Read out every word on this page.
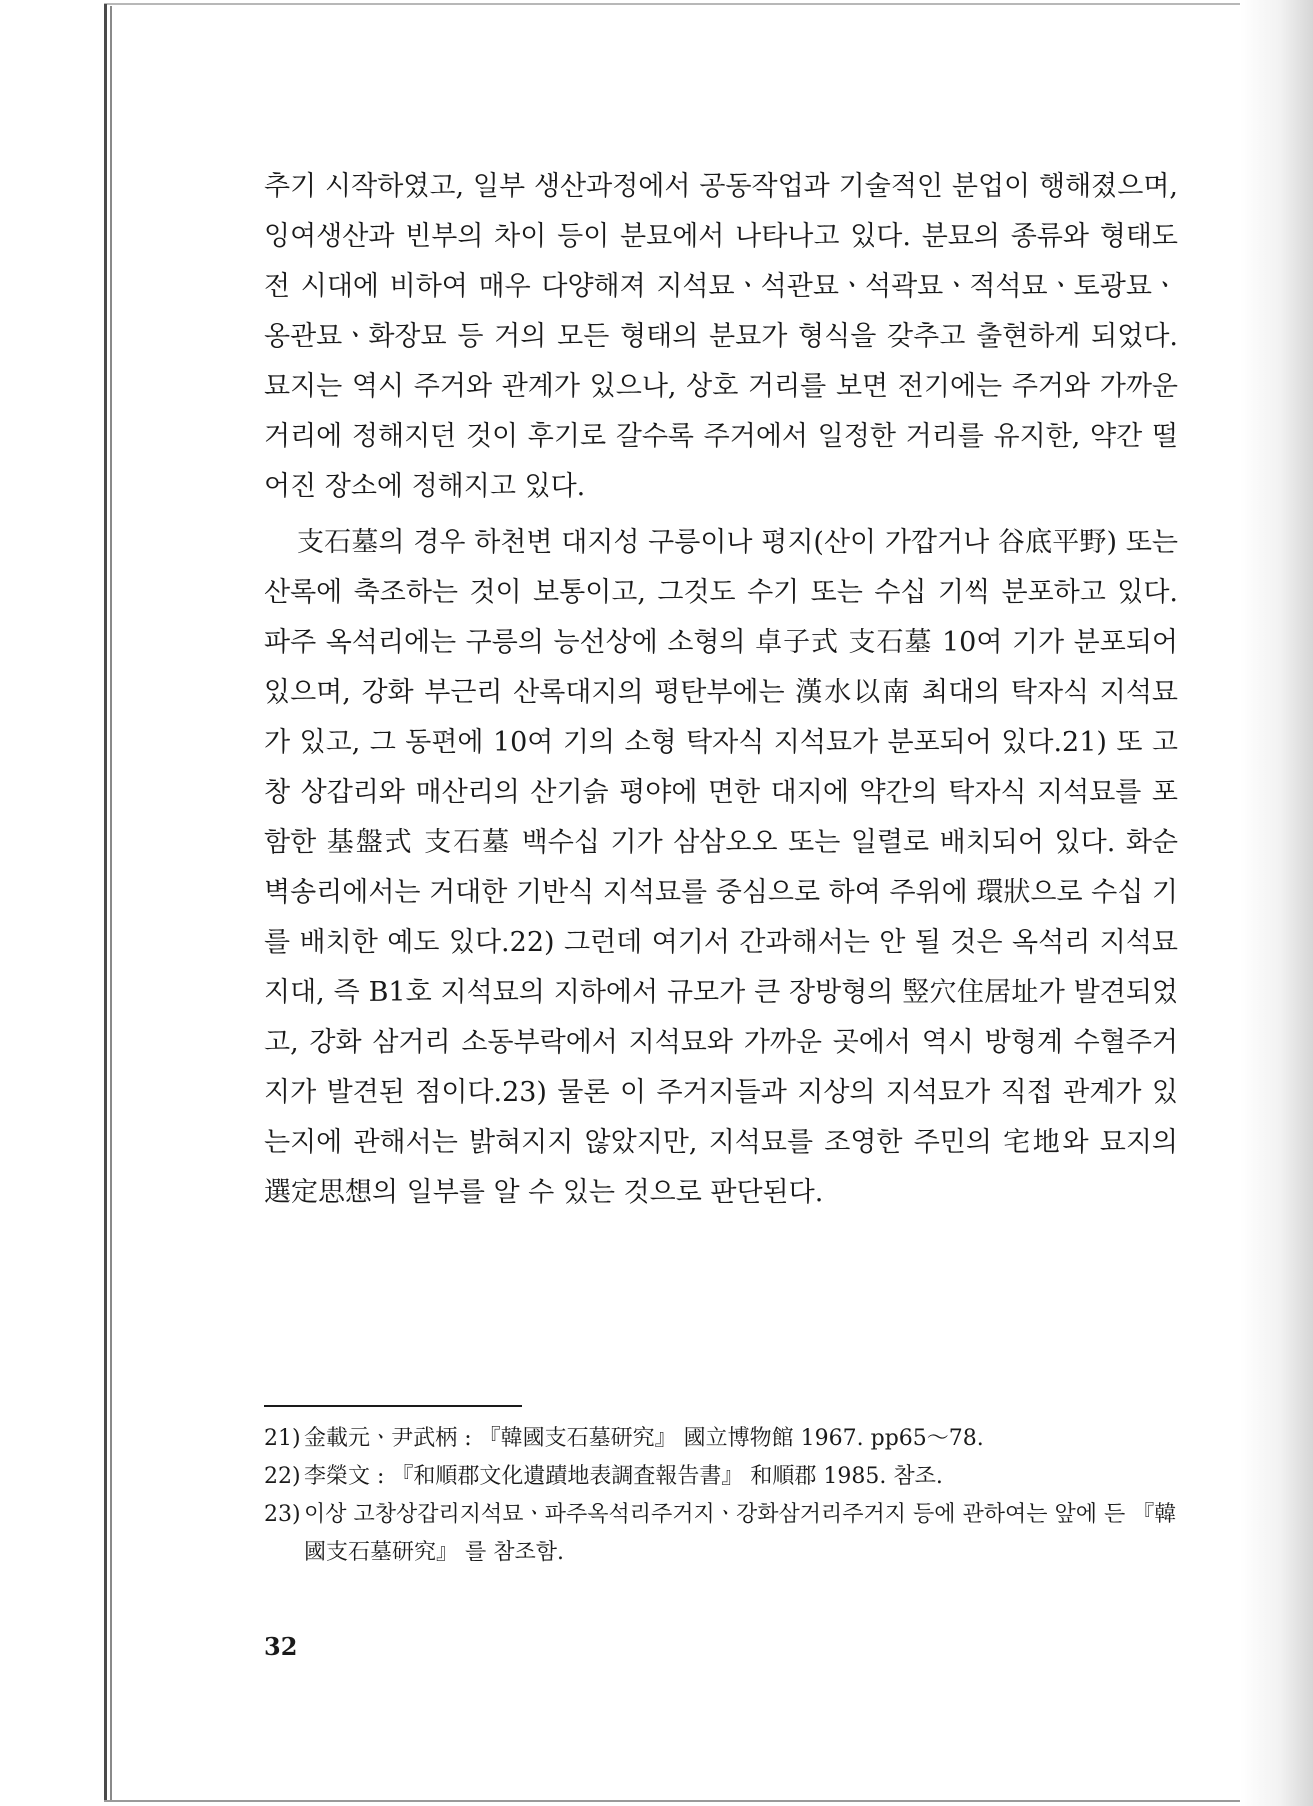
추기 시작하였고, 일부 생산과정에서 공동작업과 기술적인 분업이 행해졌으며, 잉여생산과 빈부의 차이 등이 분묘에서 나타나고 있다. 분묘의 종류와 형태도 전 시대에 비하여 매우 다양해져 지석묘ㆍ석관묘ㆍ석곽묘ㆍ적석묘ㆍ토광묘ㆍ옹관묘ㆍ화장묘 등 거의 모든 형태의 분묘가 형식을 갖추고 출현하게 되었다. 묘지는 역시 주거와 관계가 있으나, 상호 거리를 보면 전기에는 주거와 가까운 거리에 정해지던 것이 후기로 갈수록 주거에서 일정한 거리를 유지한, 약간 떨어진 장소에 정해지고 있다.

支石墓의 경우 하천변 대지성 구릉이나 평지(산이 가깝거나 谷底平野) 또는 산록에 축조하는 것이 보통이고, 그것도 수기 또는 수십 기씩 분포하고 있다. 파주 옥석리에는 구릉의 능선상에 소형의 卓子式 支石墓 10여 기가 분포되어 있으며, 강화 부근리 산록대지의 평탄부에는 漢水以南 최대의 탁자식 지석묘가 있고, 그 동편에 10여 기의 소형 탁자식 지석묘가 분포되어 있다.21) 또 고창 상갑리와 매산리의 산기슭 평야에 면한 대지에 약간의 탁자식 지석묘를 포함한 基盤式 支石墓 백수십 기가 삼삼오오 또는 일렬로 배치되어 있다. 화순 벽송리에서는 거대한 기반식 지석묘를 중심으로 하여 주위에 環狀으로 수십 기를 배치한 예도 있다.22) 그런데 여기서 간과해서는 안 될 것은 옥석리 지석묘지대, 즉 B1호 지석묘의 지하에서 규모가 큰 장방형의 竪穴住居址가 발견되었고, 강화 삼거리 소동부락에서 지석묘와 가까운 곳에서 역시 방형계 수혈주거지가 발견된 점이다.23) 물론 이 주거지들과 지상의 지석묘가 직접 관계가 있는지에 관해서는 밝혀지지 않았지만, 지석묘를 조영한 주민의 宅地와 묘지의 選定思想의 일부를 알 수 있는 것으로 판단된다.

21) 金載元ㆍ尹武柄 : 『韓國支石墓研究』 國立博物館 1967. pp65～78.
22) 李榮文 : 『和順郡文化遺蹟地表調査報告書』 和順郡 1985. 참조.
23) 이상 고창상갑리지석묘ㆍ파주옥석리주거지ㆍ강화삼거리주거지 등에 관하여는 앞에 든 『韓國支石墓研究』 를 참조함.
32
